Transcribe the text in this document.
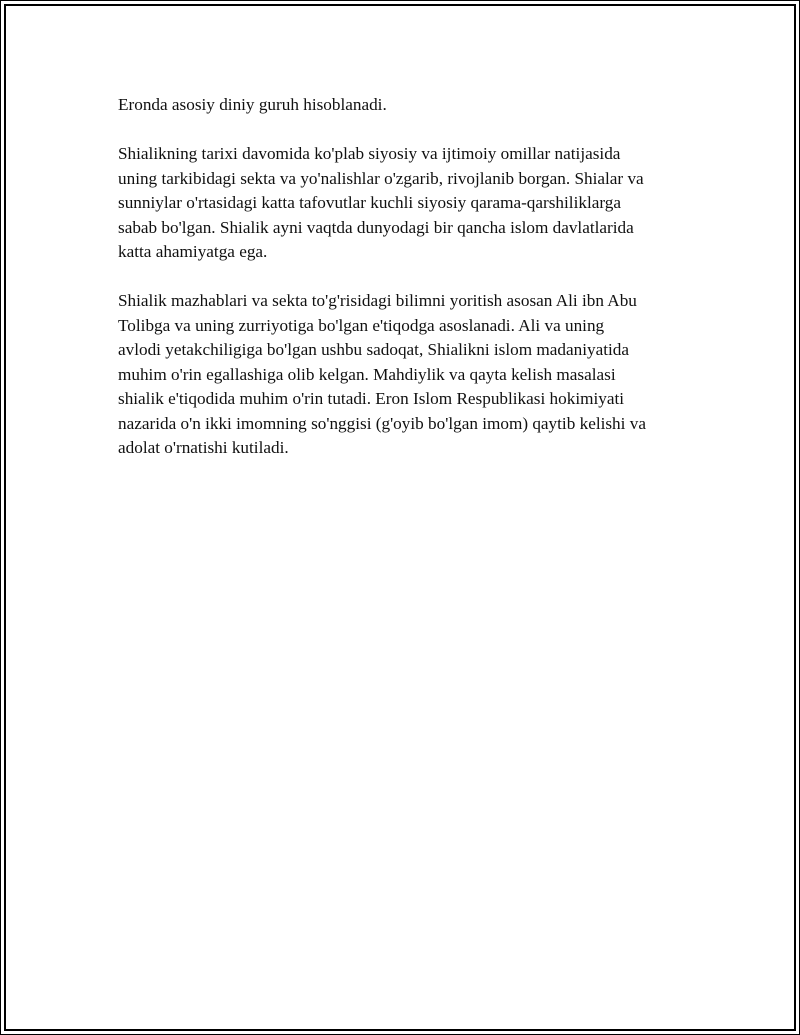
Eronda asosiy diniy guruh hisoblanadi.

Shialikning tarixi davomida ko'plab siyosiy va ijtimoiy omillar natijasida
uning tarkibidagi sekta va yo'nalishlar o'zgarib, rivojlanib borgan. Shialar va
sunniylar o'rtasidagi katta tafovutlar kuchli siyosiy qarama-qarshiliklarga
sabab bo'lgan. Shialik ayni vaqtda dunyodagi bir qancha islom davlatlarida
katta ahamiyatga ega.

Shialik mazhablari va sekta to'g'risidagi bilimni yoritish asosan Ali ibn Abu
Tolibga va uning zurriyotiga bo'lgan e'tiqodga asoslanadi. Ali va uning
avlodi yetakchiligiga bo'lgan ushbu sadoqat, Shialikni islom madaniyatida
muhim o'rin egallashiga olib kelgan. Mahdiylik va qayta kelish masalasi
shialik e'tiqodida muhim o'rin tutadi. Eron Islom Respublikasi hokimiyati
nazarida o'n ikki imomning so'nggisi (g'oyib bo'lgan imom) qaytib kelishi va
adolat o'rnatishi kutiladi.
